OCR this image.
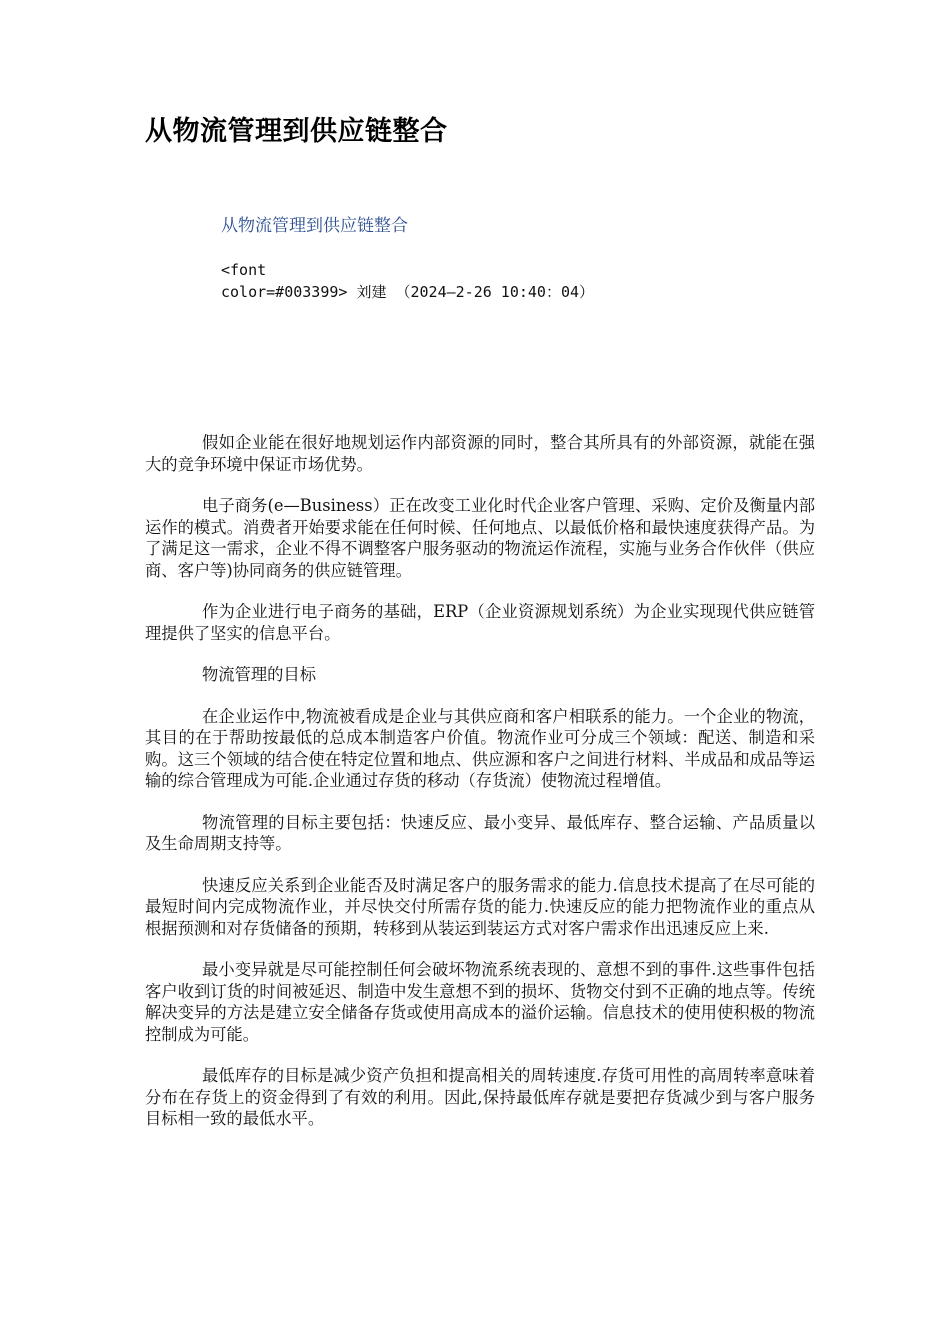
从物流管理到供应链整合
从物流管理到供应链整合
<font
color=#003399> 刘建 （2024—2-26 10:40：04）

假如企业能在很好地规划运作内部资源的同时，整合其所具有的外部资源，就能在强大的竞争环境中保证市场优势。

电子商务(e—Business）正在改变工业化时代企业客户管理、采购、定价及衡量内部运作的模式。消费者开始要求能在任何时候、任何地点、以最低价格和最快速度获得产品。为了满足这一需求，企业不得不调整客户服务驱动的物流运作流程，实施与业务合作伙伴（供应商、客户等)协同商务的供应链管理。

作为企业进行电子商务的基础，ERP（企业资源规划系统）为企业实现现代供应链管理提供了坚实的信息平台。

物流管理的目标

在企业运作中,物流被看成是企业与其供应商和客户相联系的能力。一个企业的物流，其目的在于帮助按最低的总成本制造客户价值。物流作业可分成三个领域：配送、制造和采购。这三个领域的结合使在特定位置和地点、供应源和客户之间进行材料、半成品和成品等运输的综合管理成为可能.企业通过存货的移动（存货流）使物流过程增值。

物流管理的目标主要包括：快速反应、最小变异、最低库存、整合运输、产品质量以及生命周期支持等。

快速反应关系到企业能否及时满足客户的服务需求的能力.信息技术提高了在尽可能的最短时间内完成物流作业，并尽快交付所需存货的能力.快速反应的能力把物流作业的重点从根据预测和对存货储备的预期，转移到从装运到装运方式对客户需求作出迅速反应上来.

最小变异就是尽可能控制任何会破坏物流系统表现的、意想不到的事件.这些事件包括客户收到订货的时间被延迟、制造中发生意想不到的损坏、货物交付到不正确的地点等。传统解决变异的方法是建立安全储备存货或使用高成本的溢价运输。信息技术的使用使积极的物流控制成为可能。

最低库存的目标是减少资产负担和提高相关的周转速度.存货可用性的高周转率意味着分布在存货上的资金得到了有效的利用。因此,保持最低库存就是要把存货减少到与客户服务目标相一致的最低水平。
